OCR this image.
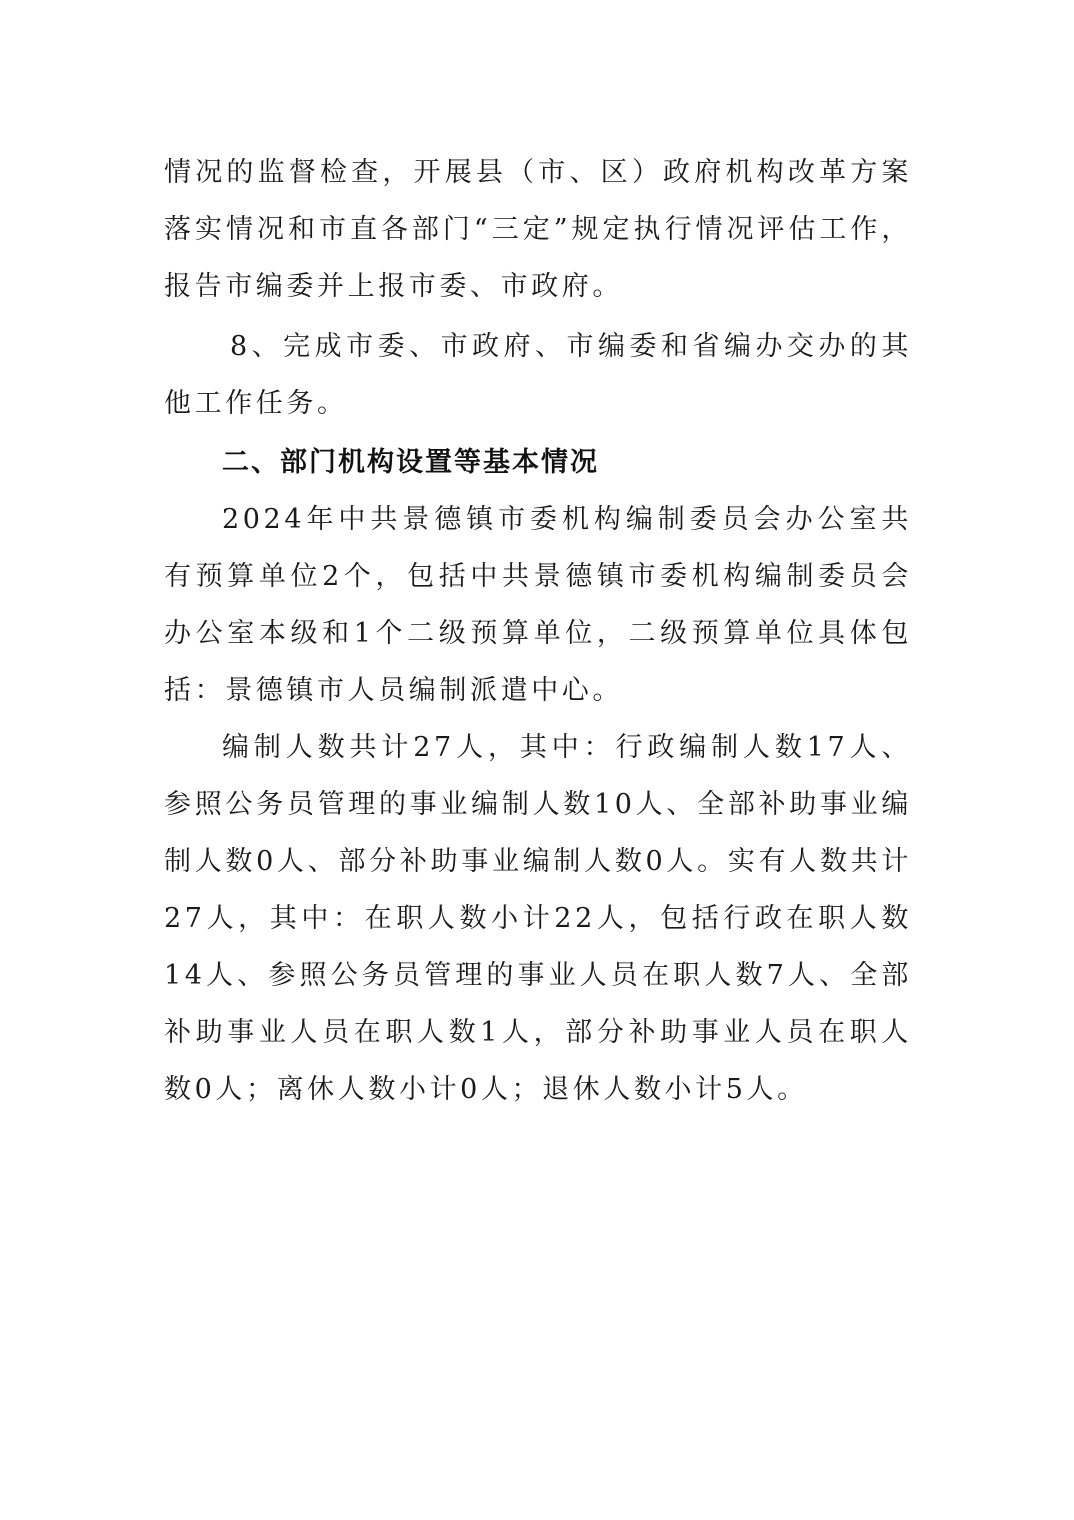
情况的监督检查，开展县（市、区）政府机构改革方案落实情况和市直各部门“三定”规定执行情况评估工作，报告市编委并上报市委、市政府。

8、完成市委、市政府、市编委和省编办交办的其他工作任务。

二、部门机构设置等基本情况

2024年中共景德镇市委机构编制委员会办公室共有预算单位2个，包括中共景德镇市委机构编制委员会办公室本级和1个二级预算单位，二级预算单位具体包括：景德镇市人员编制派遣中心。

编制人数共计27人，其中：行政编制人数17人、参照公务员管理的事业编制人数10人、全部补助事业编制人数0人、部分补助事业编制人数0人。实有人数共计27人，其中：在职人数小计22人，包括行政在职人数14人、参照公务员管理的事业人员在职人数7人、全部补助事业人员在职人数1人，部分补助事业人员在职人数0人；离休人数小计0人；退休人数小计5人。
